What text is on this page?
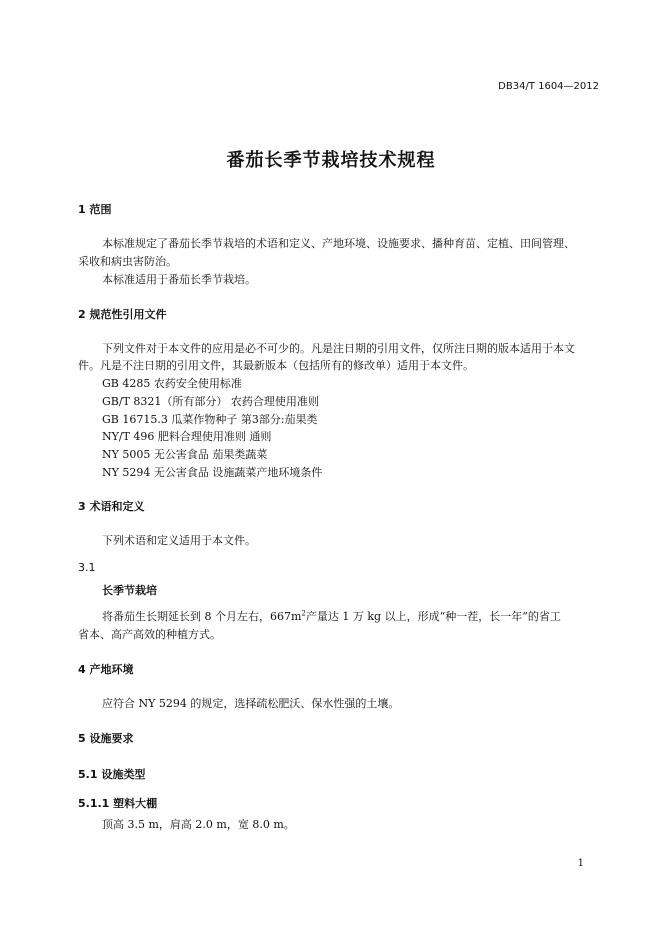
DB34/T 1604—2012
番茄长季节栽培技术规程
1 范围
本标准规定了番茄长季节栽培的术语和定义、产地环境、设施要求、播种育苗、定植、田间管理、
采收和病虫害防治。
本标准适用于番茄长季节栽培。
2 规范性引用文件
下列文件对于本文件的应用是必不可少的。凡是注日期的引用文件，仅所注日期的版本适用于本文
件。凡是不注日期的引用文件，其最新版本（包括所有的修改单）适用于本文件。
GB 4285 农药安全使用标准
GB/T 8321（所有部分） 农药合理使用准则
GB 16715.3 瓜菜作物种子 第3部分:茄果类
NY/T 496 肥料合理使用准则 通则
NY 5005 无公害食品 茄果类蔬菜
NY 5294 无公害食品 设施蔬菜产地环境条件
3 术语和定义
下列术语和定义适用于本文件。
3.1
长季节栽培
将番茄生长期延长到 8 个月左右，$667m^2$产量达 1 万 kg 以上，形成“种一茬，长一年”的省工
省本、高产高效的种植方式。
4 产地环境
应符合 NY 5294 的规定，选择疏松肥沃、保水性强的土壤。
5 设施要求
5.1 设施类型
5.1.1 塑料大棚
顶高 3.5 m，肩高 2.0 m，宽 8.0 m。
1
